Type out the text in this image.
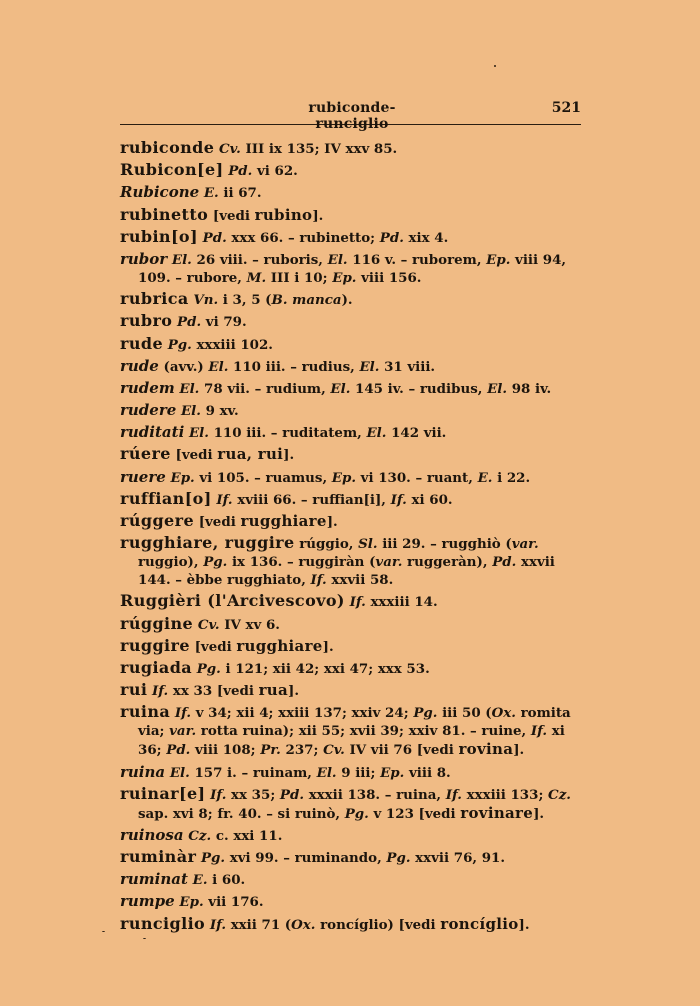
rubiconde-runciglio
521
rubiconde Cv. III ix 135; IV xxv 85.
Rubicon[e] Pd. vi 62.
Rubicone E. ii 67.
rubinetto [vedi rubino].
rubin[o] Pd. xxx 66. – rubinetto; Pd. xix 4.
rubor El. 26 viii. – ruboris, El. 116 v. – ruborem, Ep. viii 94, 109. – rubore, M. III i 10; Ep. viii 156.
rubrica Vn. i 3, 5 (B. manca).
rubro Pd. vi 79.
rude Pg. xxxiii 102.
rude (avv.) El. 110 iii. – rudius, El. 31 viii.
rudem El. 78 vii. – rudium, El. 145 iv. – rudibus, El. 98 iv.
rudere El. 9 xv.
ruditati El. 110 iii. – ruditatem, El. 142 vii.
rúere [vedi rua, rui].
ruere Ep. vi 105. – ruamus, Ep. vi 130. – ruant, E. i 22.
ruffian[o] If. xviii 66. – ruffian[i], If. xi 60.
rúggere [vedi rugghiare].
rugghiare, ruggire rúggio, Sl. iii 29. – rugghiò (var. ruggio), Pg. ix 136. – ruggiràn (var. ruggeràn), Pd. xxvii 144. – èbbe rugghiato, If. xxvii 58.
Ruggièri (l'Arcivescovo) If. xxxiii 14.
rúggine Cv. IV xv 6.
ruggire [vedi rugghiare].
rugiada Pg. i 121; xii 42; xxi 47; xxx 53.
rui If. xx 33 [vedi rua].
ruina If. v 34; xii 4; xxiii 137; xxiv 24; Pg. iii 50 (Ox. romita via; var. rotta ruina); xii 55; xvii 39; xxiv 81. – ruine, If. xi 36; Pd. viii 108; Pr. 237; Cv. IV vii 76 [vedi rovina].
ruina El. 157 i. – ruinam, El. 9 iii; Ep. viii 8.
ruinar[e] If. xx 35; Pd. xxxii 138. – ruina, If. xxxiii 133; Cz. sap. xvi 8; fr. 40. – si ruinò, Pg. v 123 [vedi rovinare].
ruinosa Cz. c. xxi 11.
ruminàr Pg. xvi 99. – ruminando, Pg. xxvii 76, 91.
ruminat E. i 60.
rumpe Ep. vii 176.
runciglio If. xxii 71 (Ox. roncíglio) [vedi roncíglio].
